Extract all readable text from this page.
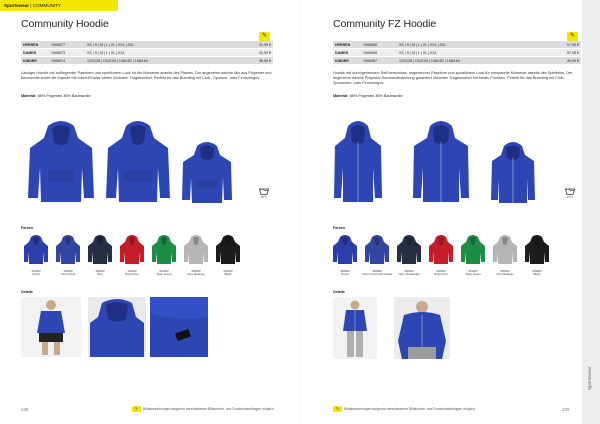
Sportswear | COMMUNITY
Community Hoodie
✎
HERREN	1906877	XS | S | M | L | XL | XXL | 3XL	41,95 €
DAMEN	1906873	XS | S | M | L | XL | XXL	41,95 €
KINDER	1906874	122/128 | 134/140 | 146/152 | 158/164	39,95 €
Lässiger Hoodie mit aufliegender Passform und sportlichem Look für die Momente abseits des Platzes. Der angenehm weiche Mix aus Polyester und Baumwolle sowie die Kapuze mit Mesh-Einsatz bieten höchsten Tragekomfort. Perfekt für das Branding mit Club-, Sponsor- oder Firmenlogos.
Material: 65% Polyester 35% Baumwolle
40ºC
Farben
346000
Royal
346395
Club Cobolt
390000
Navy
430000
Bright Red
651000
Team Green
950000
Grey Melange
999000
Black
Details
228	✎	Bildabweichungen aufgrund verschiedener Bildschirm- und Druckeinstellungen möglich.
Community FZ Hoodie
✎
HERREN	1906965	XS | S | M | L | XL | XXL | 3XL	57,95 €
DAMEN	1906966	XS | S | M | L | XL | XXL	57,95 €
KINDER	1906967	122/128 | 134/140 | 146/152 | 158/164	49,95 €
Hoodie mit durchgehendem Reißverschluss, angenehmer Passform und sportlichem Look für entspannte Momente abseits des Spielfelds. Der angenehm weiche Polyester-Baumwollmischung garantiert höchsten Tragekomfort mit bester Funktion. Perfekt für das Branding mit Club-, Sponsoren- oder Firmenlogos.
Material: 65% Polyester 35% Baumwolle
40ºC
Farben
346000
Royal
346395
Club Cobolt Club-Kobalt
390000
Navy Dunkelblau
430000
Bright Red
651000
Team Green
950000
Grey Melange
999000
Black
Details
229
✎	Bildabweichungen aufgrund verschiedener Bildschirm- und Druckeinstellungen möglich.
Sportswear
